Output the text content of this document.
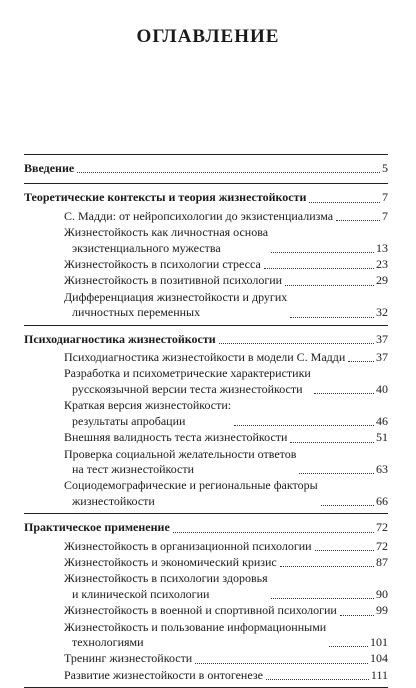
ОГЛАВЛЕНИЕ
Введение	5
Теоретические контексты и теория жизнестойкости	7
С. Мадди: от нейропсихологии до экзистенциализма	7
Жизнестойкость как личностная основа
экзистенциального мужества	13
Жизнестойкость в психологии стресса	23
Жизнестойкость в позитивной психологии	29
Дифференциация жизнестойкости и других
личностных переменных	32
Психодиагностика жизнестойкости	37
Психодиагностика жизнестойкости в модели С. Мадди	37
Разработка и психометрические характеристики
русскоязычной версии теста жизнестойкости	40
Краткая версия жизнестойкости:
результаты апробации	46
Внешняя валидность теста жизнестойкости	51
Проверка социальной желательности ответов
на тест жизнестойкости	63
Социодемографические и региональные факторы
жизнестойкости	66
Практическое применение	72
Жизнестойкость в организационной психологии	72
Жизнестойкость и экономический кризис	87
Жизнестойкость в психологии здоровья
и клинической психологии	90
Жизнестойкость в военной и спортивной психологии	99
Жизнестойкость и пользование информационными
технологиями	101
Тренинг жизнестойкости	104
Развитие жизнестойкости в онтогенезе	111
